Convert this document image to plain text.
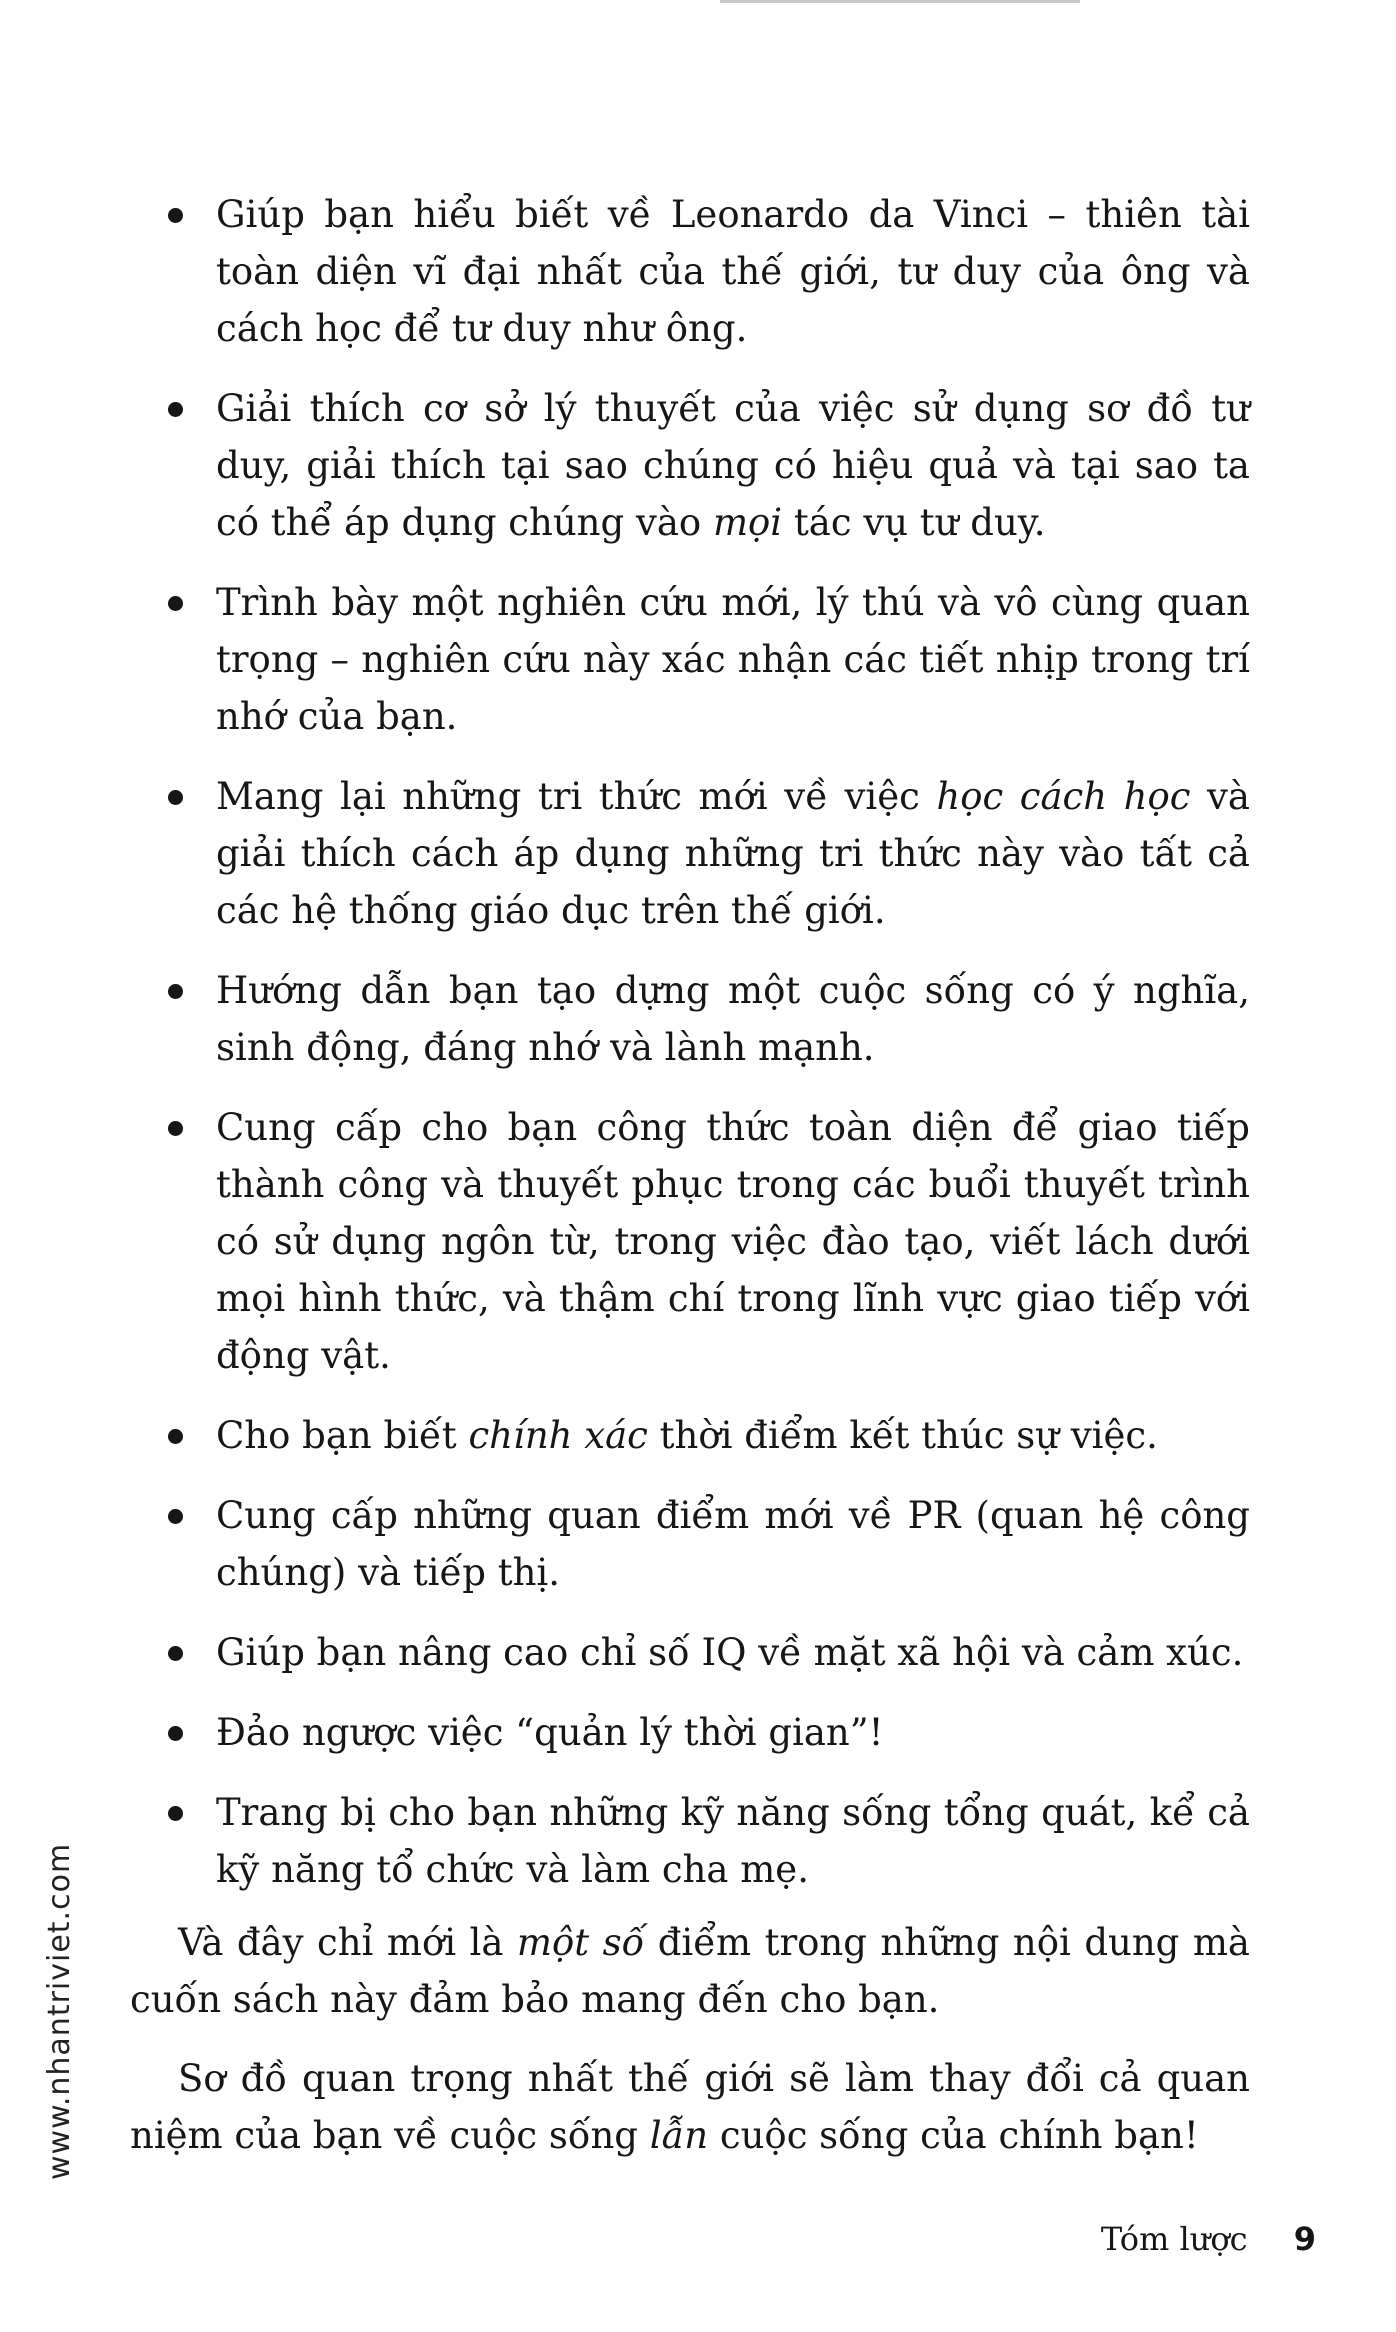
Giúp bạn hiểu biết về Leonardo da Vinci – thiên tài toàn diện vĩ đại nhất của thế giới, tư duy của ông và cách học để tư duy như ông.
Giải thích cơ sở lý thuyết của việc sử dụng sơ đồ tư duy, giải thích tại sao chúng có hiệu quả và tại sao ta có thể áp dụng chúng vào mọi tác vụ tư duy.
Trình bày một nghiên cứu mới, lý thú và vô cùng quan trọng – nghiên cứu này xác nhận các tiết nhịp trong trí nhớ của bạn.
Mang lại những tri thức mới về việc học cách học và giải thích cách áp dụng những tri thức này vào tất cả các hệ thống giáo dục trên thế giới.
Hướng dẫn bạn tạo dựng một cuộc sống có ý nghĩa, sinh động, đáng nhớ và lành mạnh.
Cung cấp cho bạn công thức toàn diện để giao tiếp thành công và thuyết phục trong các buổi thuyết trình có sử dụng ngôn từ, trong việc đào tạo, viết lách dưới mọi hình thức, và thậm chí trong lĩnh vực giao tiếp với động vật.
Cho bạn biết chính xác thời điểm kết thúc sự việc.
Cung cấp những quan điểm mới về PR (quan hệ công chúng) và tiếp thị.
Giúp bạn nâng cao chỉ số IQ về mặt xã hội và cảm xúc.
Đảo ngược việc “quản lý thời gian”!
Trang bị cho bạn những kỹ năng sống tổng quát, kể cả kỹ năng tổ chức và làm cha mẹ.

Và đây chỉ mới là một số điểm trong những nội dung mà cuốn sách này đảm bảo mang đến cho bạn.

Sơ đồ quan trọng nhất thế giới sẽ làm thay đổi cả quan niệm của bạn về cuộc sống lẫn cuộc sống của chính bạn!

www.nhantriviet.com
Tóm lược 9
